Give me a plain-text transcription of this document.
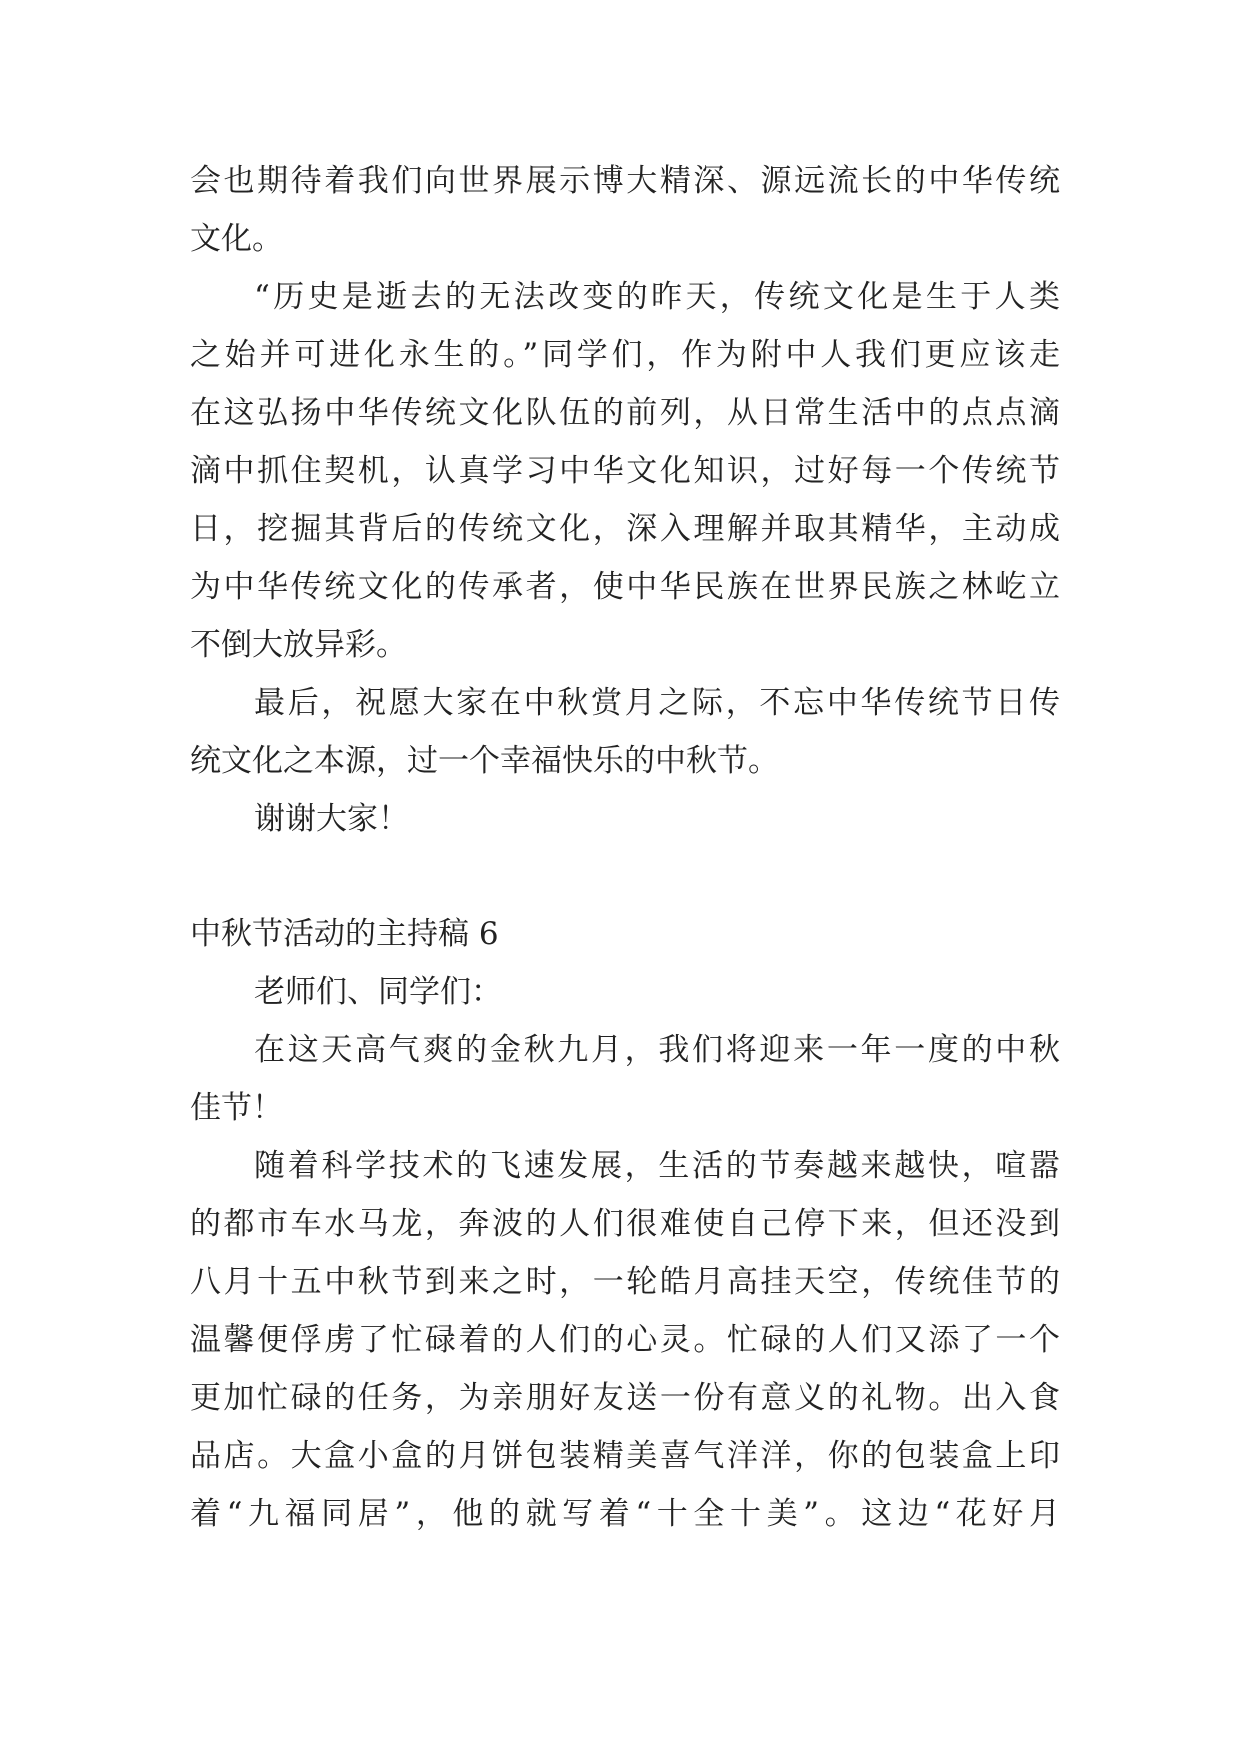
会也期待着我们向世界展示博大精深、源远流长的中华传统
文化。
“历史是逝去的无法改变的昨天，传统文化是生于人类
之始并可进化永生的。”同学们，作为附中人我们更应该走
在这弘扬中华传统文化队伍的前列，从日常生活中的点点滴
滴中抓住契机，认真学习中华文化知识，过好每一个传统节
日，挖掘其背后的传统文化，深入理解并取其精华，主动成
为中华传统文化的传承者，使中华民族在世界民族之林屹立
不倒大放异彩。
最后，祝愿大家在中秋赏月之际，不忘中华传统节日传
统文化之本源，过一个幸福快乐的中秋节。
谢谢大家！
中秋节活动的主持稿 6
老师们、同学们：
在这天高气爽的金秋九月，我们将迎来一年一度的中秋
佳节！
随着科学技术的飞速发展，生活的节奏越来越快，喧嚣
的都市车水马龙，奔波的人们很难使自己停下来，但还没到
八月十五中秋节到来之时，一轮皓月高挂天空，传统佳节的
温馨便俘虏了忙碌着的人们的心灵。忙碌的人们又添了一个
更加忙碌的任务，为亲朋好友送一份有意义的礼物。出入食
品店。大盒小盒的月饼包装精美喜气洋洋，你的包装盒上印
着“九福同居”，他的就写着“十全十美”。这边“花好月
